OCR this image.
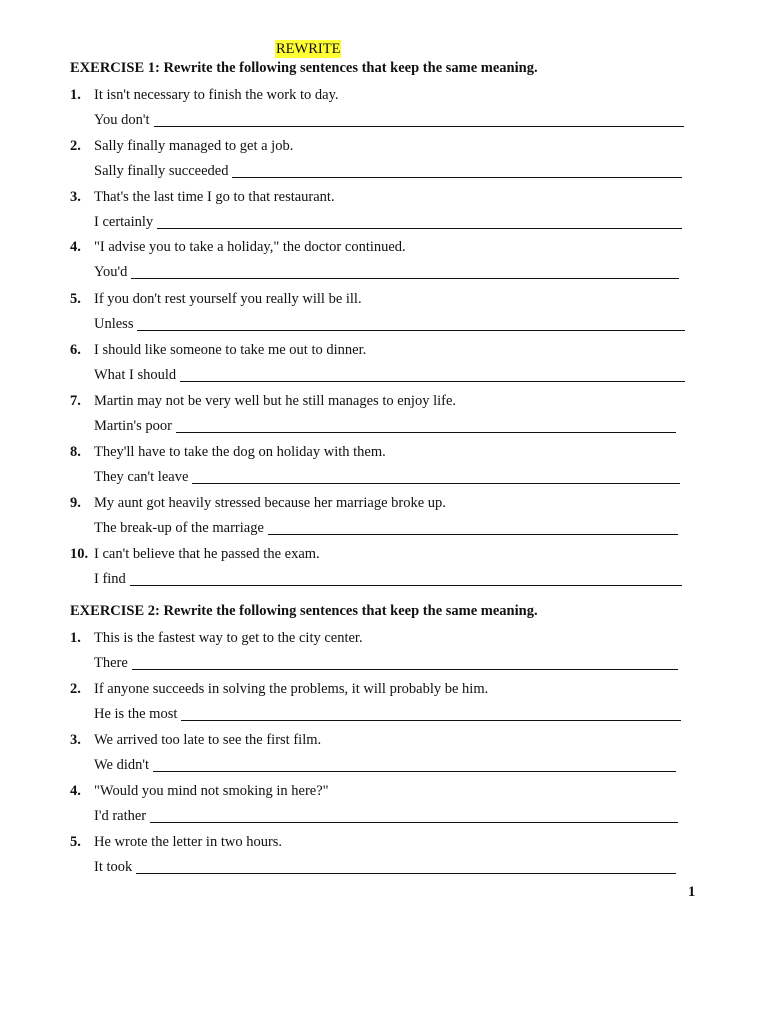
REWRITE
EXERCISE 1: Rewrite the following sentences that keep the same meaning.
1. It isn't necessary to finish the work to day.
You don't
2. Sally finally managed to get a job.
Sally finally succeeded
3. That's the last time I go to that restaurant.
I certainly
4. "I advise you to take a holiday," the doctor continued.
You'd
5. If you don't rest yourself you really will be ill.
Unless
6. I should like someone to take me out to dinner.
What I should
7. Martin may not be very well but he still manages to enjoy life.
Martin's poor
8. They'll have to take the dog on holiday with them.
They can't leave
9. My aunt got heavily stressed because her marriage broke up.
The break-up of the marriage
10. I can't believe that he passed the exam.
I find
EXERCISE 2: Rewrite the following sentences that keep the same meaning.
1. This is the fastest way to get to the city center.
There
2. If anyone succeeds in solving the problems, it will probably be him.
He is the most
3. We arrived too late to see the first film.
We didn't
4. "Would you mind not smoking in here?"
I'd rather
5. He wrote the letter in two hours.
It took
1
